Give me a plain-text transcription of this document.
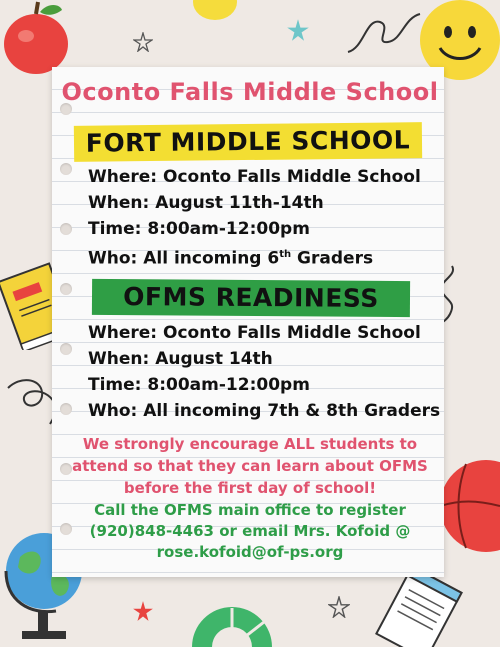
Oconto Falls Middle School
FORT MIDDLE SCHOOL
Where: Oconto Falls Middle School
When: August 11th-14th
Time: 8:00am-12:00pm
Who: All incoming 6th Graders
OFMS READINESS
Where: Oconto Falls Middle School
When: August 14th
Time: 8:00am-12:00pm
Who: All incoming 7th & 8th Graders
We strongly encourage ALL students to
attend so that they can learn about OFMS
before the first day of school!
Call the OFMS main office to register
(920)848-4463 or email Mrs. Kofoid @
rose.kofoid@of-ps.org
